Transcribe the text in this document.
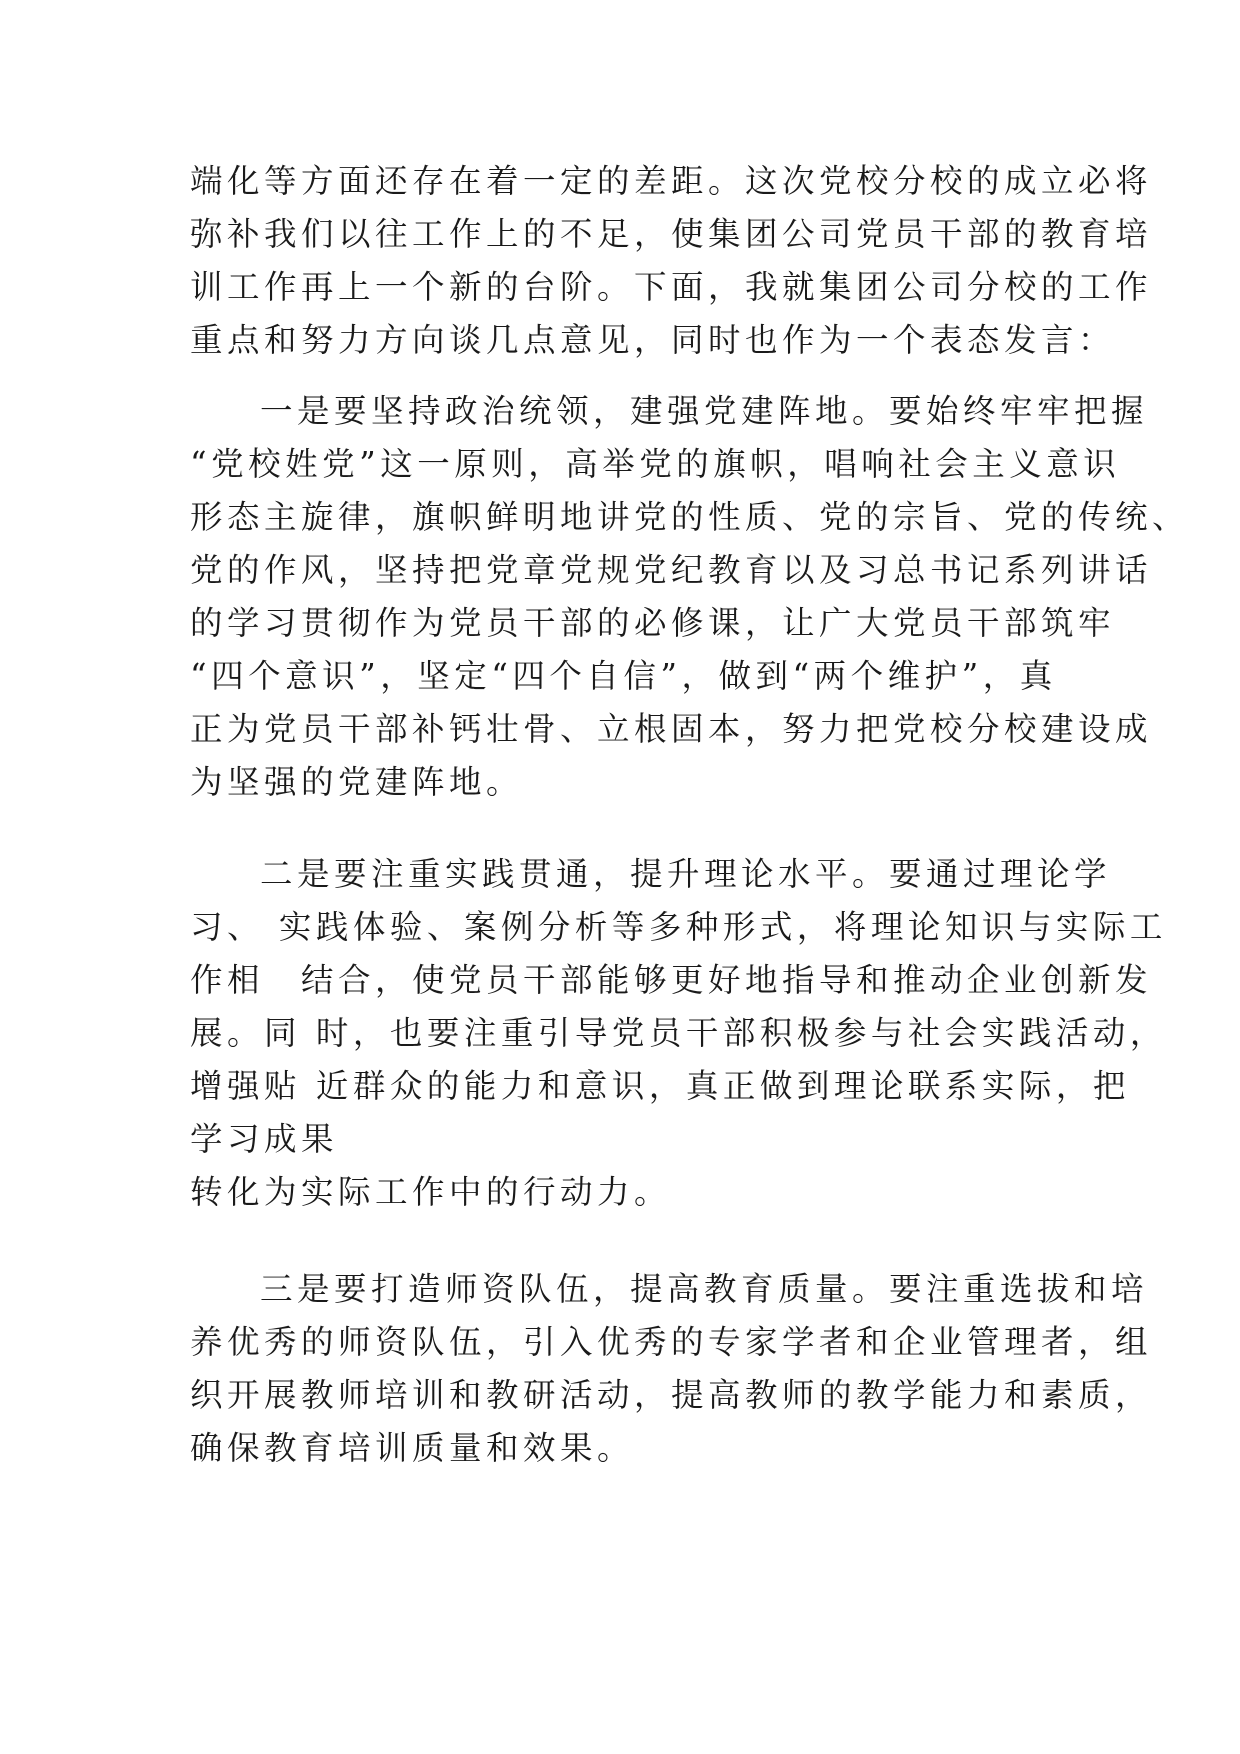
端化等方面还存在着一定的差距。这次党校分校的成立必将
弥补我们以往工作上的不足，使集团公司党员干部的教育培
训工作再上一个新的台阶。下面，我就集团公司分校的工作
重点和努力方向谈几点意见，同时也作为一个表态发言：
一是要坚持政治统领，建强党建阵地。要始终牢牢把握
“党校姓党”这一原则，高举党的旗帜，唱响社会主义意识
形态主旋律，旗帜鲜明地讲党的性质、党的宗旨、党的传统、
党的作风，坚持把党章党规党纪教育以及习总书记系列讲话
的学习贯彻作为党员干部的必修课，让广大党员干部筑牢
“四个意识”，坚定“四个自信”，做到“两个维护”，真
正为党员干部补钙壮骨、立根固本，努力把党校分校建设成
为坚强的党建阵地。
二是要注重实践贯通，提升理论水平。要通过理论学
习、 实践体验、案例分析等多种形式，将理论知识与实际工
作相　结合，使党员干部能够更好地指导和推动企业创新发
展。同 时，也要注重引导党员干部积极参与社会实践活动，
增强贴 近群众的能力和意识，真正做到理论联系实际，把
学习成果
转化为实际工作中的行动力。
三是要打造师资队伍，提高教育质量。要注重选拔和培
养优秀的师资队伍，引入优秀的专家学者和企业管理者，组
织开展教师培训和教研活动，提高教师的教学能力和素质，
确保教育培训质量和效果。
